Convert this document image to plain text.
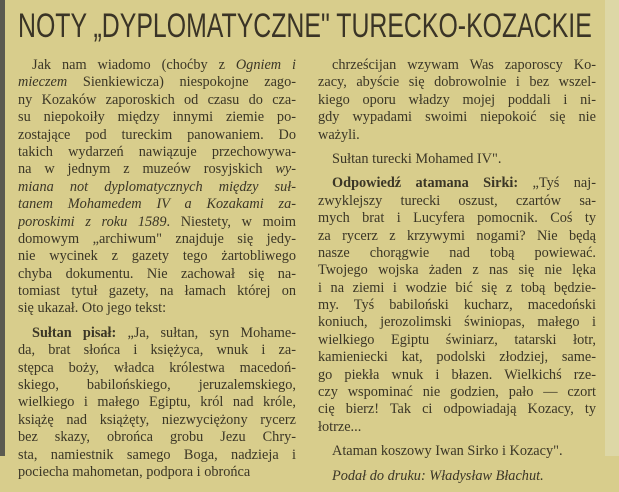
NOTY „DYPLOMATYCZNE" TURECKO-KOZACKIE
Jak nam wiadomo (choćby z Ogniem i
mieczem Sienkiewicza) niespokojne zago-
ny Kozaków zaporoskich od czasu do cza-
su niepokoiły między innymi ziemie po-
zostające pod tureckim panowaniem. Do
takich wydarzeń nawiązuje przechowywa-
na w jednym z muzeów rosyjskich wy-
miana not dyplomatycznych między suł-
tanem Mohamedem IV a Kozakami za-
poroskimi z roku 1589. Niestety, w moim
domowym „archiwum" znajduje się jedy-
nie wycinek z gazety tego żartobliwego
chyba dokumentu. Nie zachował się na-
tomiast tytuł gazety, na łamach której on
się ukazał. Oto jego tekst:
Sułtan pisał: „Ja, sułtan, syn Mohame-
da, brat słońca i księżyca, wnuk i za-
stępca boży, władca królestwa macedoń-
skiego, babilońskiego, jeruzalemskiego,
wielkiego i małego Egiptu, król nad króle,
książę nad książęty, niezwyciężony rycerz
bez skazy, obrońca grobu Jezu Chry-
sta, namiestnik samego Boga, nadzieja i
pociecha mahometan, podpora i obrońca
chrześcijan wzywam Was zaporoscy Ko-
zacy, abyście się dobrowolnie i bez wszel-
kiego oporu władzy mojej poddali i ni-
gdy wypadami swoimi niepokoić się nie
ważyli.
Sułtan turecki Mohamed IV".
Odpowiedź atamana Sirki: „Tyś naj-
zwyklejszy turecki oszust, czartów sa-
mych brat i Lucyfera pomocnik. Coś ty
za rycerz z krzywymi nogami? Nie będą
nasze chorągwie nad tobą powiewać.
Twojego wojska żaden z nas się nie lęka
i na ziemi i wodzie bić się z tobą będzie-
my. Tyś babiloński kucharz, macedoński
koniuch, jerozolimski świniopas, małego i
wielkiego Egiptu świniarz, tatarski łotr,
kamieniecki kat, podolski złodziej, same-
go piekła wnuk i błazen. Wielkichś rze-
czy wspominać nie godzien, pało — czort
cię bierz! Tak ci odpowiadają Kozacy, ty
łotrze...
Ataman koszowy Iwan Sirko i Kozacy".
Podał do druku: Władysław Błachut.
